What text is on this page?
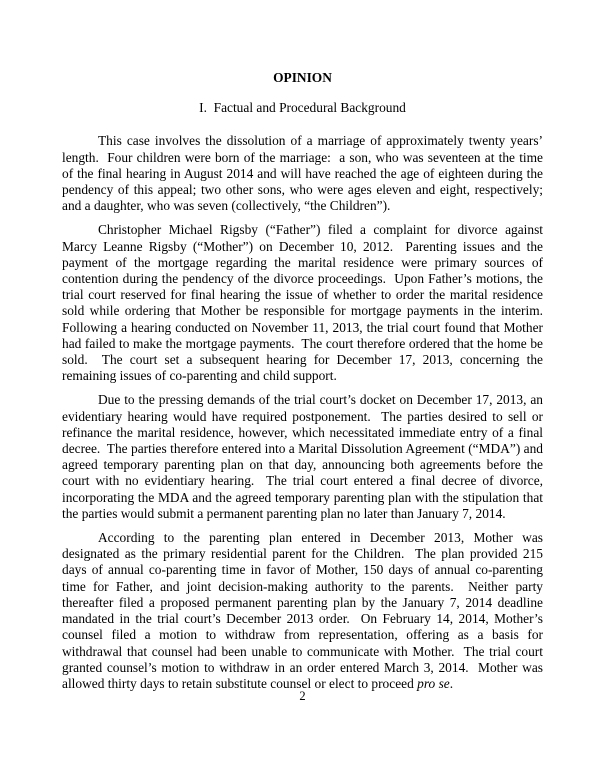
OPINION
I.  Factual and Procedural Background

This case involves the dissolution of a marriage of approximately twenty years’ length.  Four children were born of the marriage:  a son, who was seventeen at the time of the final hearing in August 2014 and will have reached the age of eighteen during the pendency of this appeal; two other sons, who were ages eleven and eight, respectively; and a daughter, who was seven (collectively, “the Children”).

Christopher Michael Rigsby (“Father”) filed a complaint for divorce against Marcy Leanne Rigsby (“Mother”) on December 10, 2012.  Parenting issues and the payment of the mortgage regarding the marital residence were primary sources of contention during the pendency of the divorce proceedings.  Upon Father’s motions, the trial court reserved for final hearing the issue of whether to order the marital residence sold while ordering that Mother be responsible for mortgage payments in the interim.  Following a hearing conducted on November 11, 2013, the trial court found that Mother had failed to make the mortgage payments.  The court therefore ordered that the home be sold.  The court set a subsequent hearing for December 17, 2013, concerning the remaining issues of co-parenting and child support.

Due to the pressing demands of the trial court’s docket on December 17, 2013, an evidentiary hearing would have required postponement.  The parties desired to sell or refinance the marital residence, however, which necessitated immediate entry of a final decree.  The parties therefore entered into a Marital Dissolution Agreement (“MDA”) and agreed temporary parenting plan on that day, announcing both agreements before the court with no evidentiary hearing.  The trial court entered a final decree of divorce, incorporating the MDA and the agreed temporary parenting plan with the stipulation that the parties would submit a permanent parenting plan no later than January 7, 2014.

According to the parenting plan entered in December 2013, Mother was designated as the primary residential parent for the Children.  The plan provided 215 days of annual co-parenting time in favor of Mother, 150 days of annual co-parenting time for Father, and joint decision-making authority to the parents.  Neither party thereafter filed a proposed permanent parenting plan by the January 7, 2014 deadline mandated in the trial court’s December 2013 order.  On February 14, 2014, Mother’s counsel filed a motion to withdraw from representation, offering as a basis for withdrawal that counsel had been unable to communicate with Mother.  The trial court granted counsel’s motion to withdraw in an order entered March 3, 2014.  Mother was allowed thirty days to retain substitute counsel or elect to proceed pro se.

2
